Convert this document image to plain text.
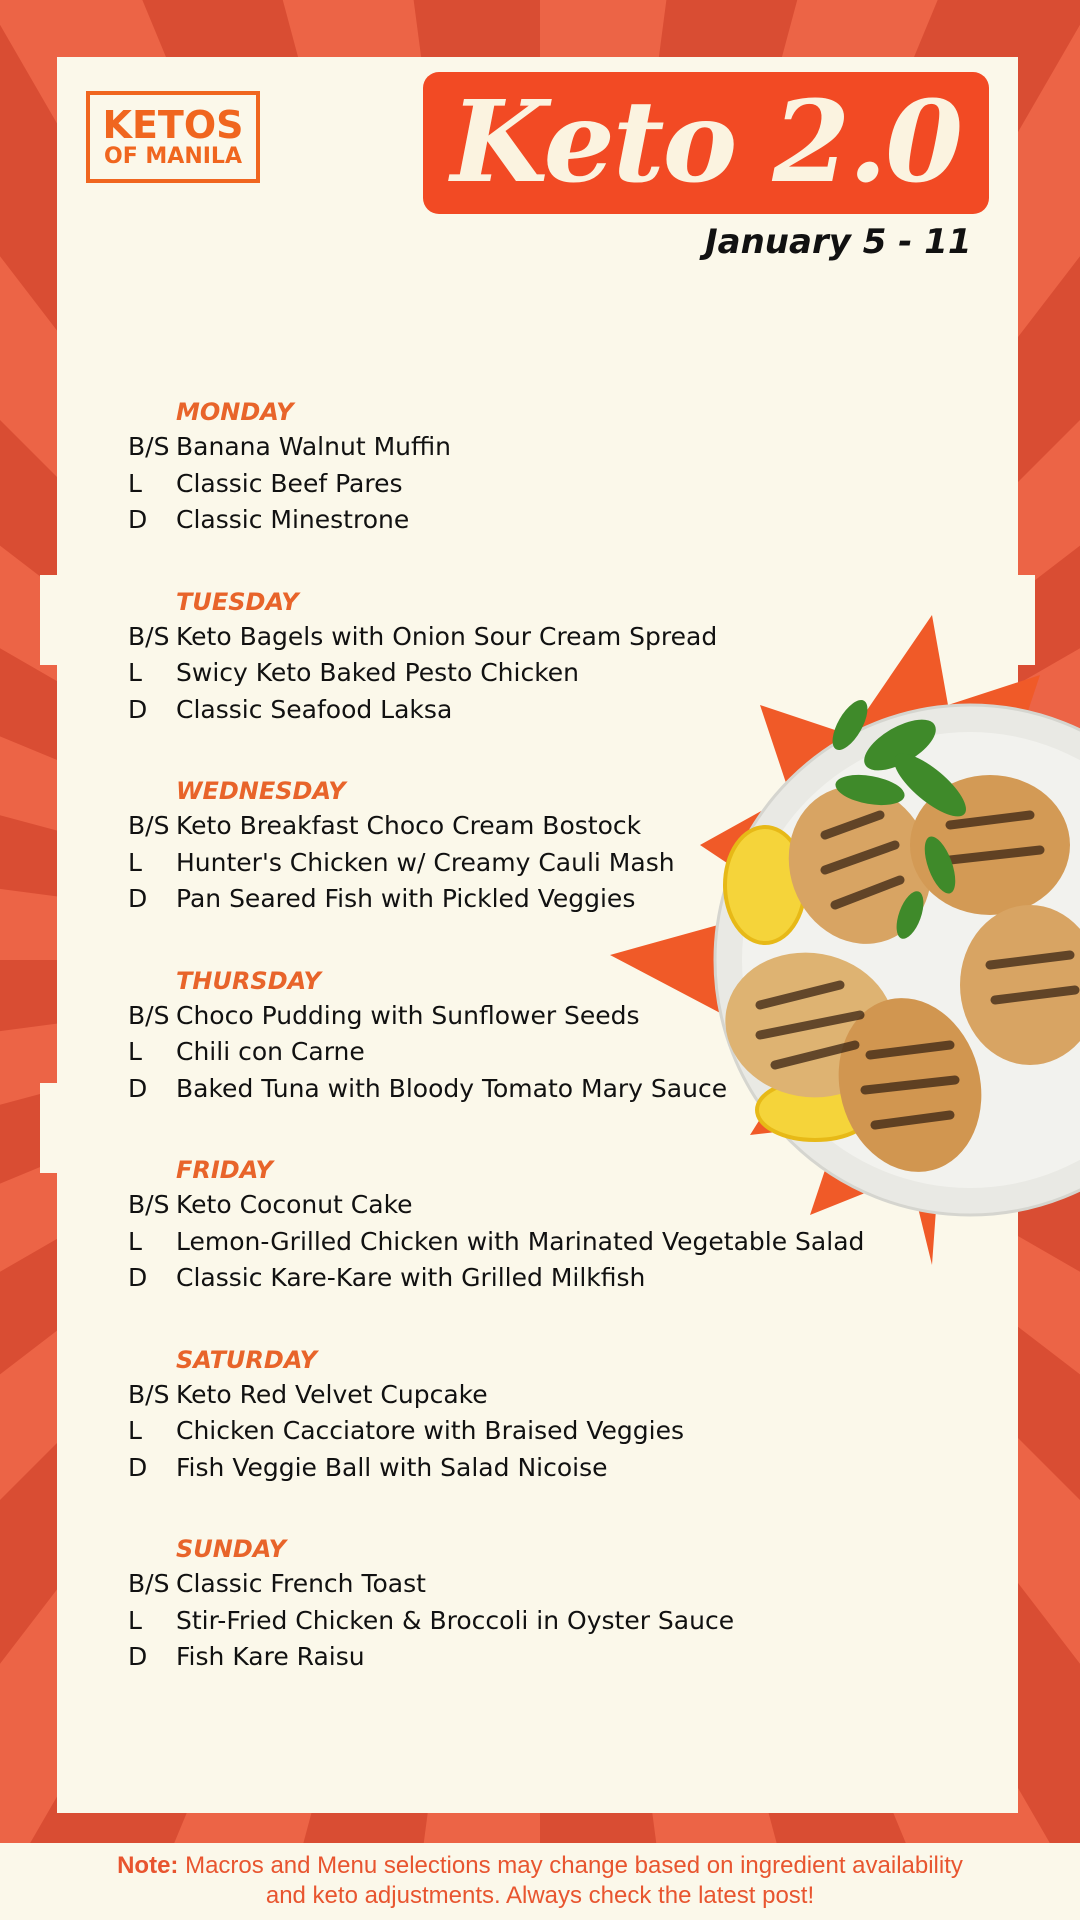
KETOS
OF MANILA Keto 2.0
January 5 - 11
MONDAY
B/S Banana Walnut Muffin
L	Classic Beef Pares
D	Classic Minestrone
TUESDAY
B/S Keto Bagels with Onion Sour Cream Spread
L	Swicy Keto Baked Pesto Chicken
D	Classic Seafood Laksa
WEDNESDAY
B/S Keto Breakfast Choco Cream Bostock
L	Hunter's Chicken w/ Creamy Cauli Mash
D	Pan Seared Fish with Pickled Veggies
THURSDAY
B/S Choco Pudding with Sunflower Seeds
L	Chili con Carne
D	Baked Tuna with Bloody Tomato Mary Sauce
FRIDAY
B/S Keto Coconut Cake
L	Lemon-Grilled Chicken with Marinated Vegetable Salad
D	Classic Kare-Kare with Grilled Milkfish
SATURDAY
B/S Keto Red Velvet Cupcake
L	Chicken Cacciatore with Braised Veggies
D	Fish Veggie Ball with Salad Nicoise
SUNDAY
B/S Classic French Toast
L	Stir-Fried Chicken & Broccoli in Oyster Sauce
D	Fish Kare Raisu
Note: Macros and Menu selections may change based on ingredient availability
and keto adjustments. Always check the latest post!
